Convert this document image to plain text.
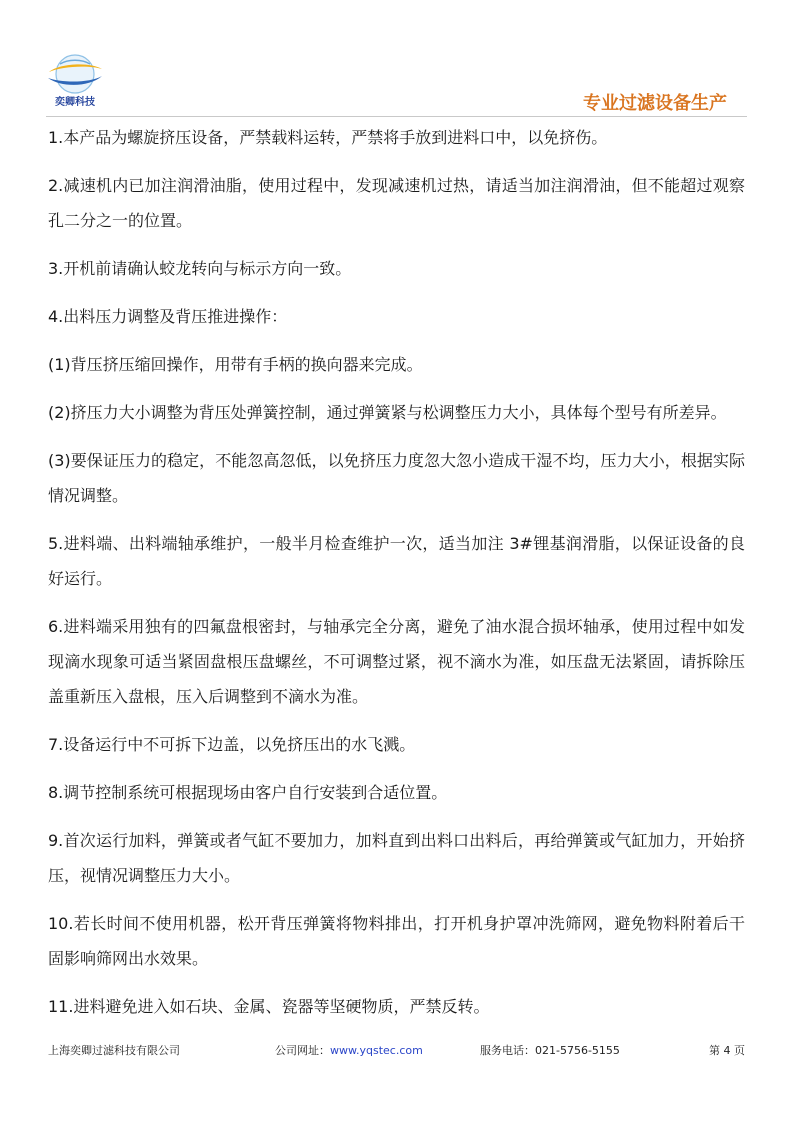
奕卿科技	专业过滤设备生产

1.本产品为螺旋挤压设备，严禁载料运转，严禁将手放到进料口中，以免挤伤。

2.减速机内已加注润滑油脂，使用过程中，发现减速机过热，请适当加注润滑油，但不能超过观察孔二分之一的位置。

3.开机前请确认蛟龙转向与标示方向一致。

4.出料压力调整及背压推进操作：

(1)背压挤压缩回操作，用带有手柄的换向器来完成。

(2)挤压力大小调整为背压处弹簧控制，通过弹簧紧与松调整压力大小，具体每个型号有所差异。

(3)要保证压力的稳定，不能忽高忽低，以免挤压力度忽大忽小造成干湿不均，压力大小，根据实际情况调整。

5.进料端、出料端轴承维护，一般半月检查维护一次，适当加注 3#锂基润滑脂，以保证设备的良好运行。

6.进料端采用独有的四氟盘根密封，与轴承完全分离，避免了油水混合损坏轴承，使用过程中如发现滴水现象可适当紧固盘根压盘螺丝，不可调整过紧，视不滴水为准，如压盘无法紧固，请拆除压盖重新压入盘根，压入后调整到不滴水为准。

7.设备运行中不可拆下边盖，以免挤压出的水飞溅。

8.调节控制系统可根据现场由客户自行安装到合适位置。

9.首次运行加料，弹簧或者气缸不要加力，加料直到出料口出料后，再给弹簧或气缸加力，开始挤压，视情况调整压力大小。

10.若长时间不使用机器，松开背压弹簧将物料排出，打开机身护罩冲洗筛网，避免物料附着后干固影响筛网出水效果。

11.进料避免进入如石块、金属、瓷器等坚硬物质，严禁反转。

上海奕卿过滤科技有限公司	公司网址：www.yqstec.com	服务电话：021-5756-5155	第 4 页
